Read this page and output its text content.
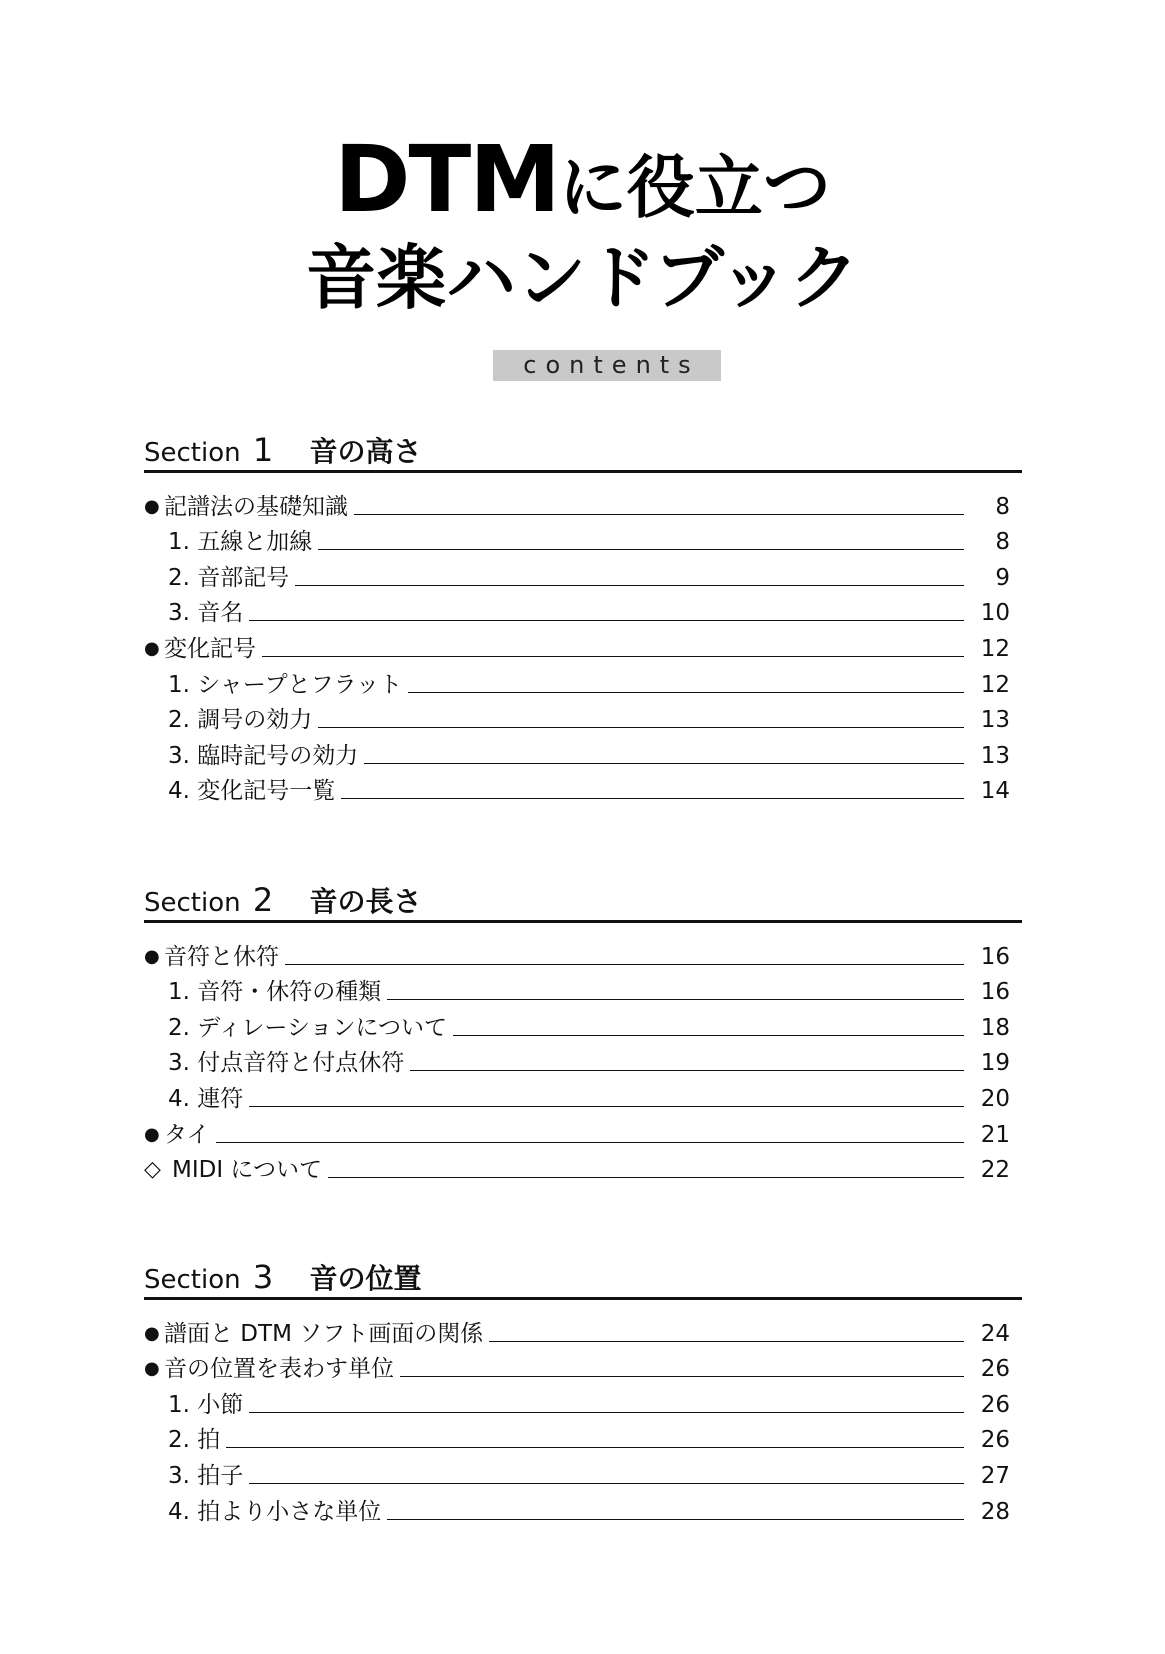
DTMに役立つ
音楽ハンドブック
contents
Section 1 音の高さ
● 記譜法の基礎知識	8
1. 五線と加線	8
2. 音部記号	9
3. 音名	10
● 変化記号	12
1. シャープとフラット	12
2. 調号の効力	13
3. 臨時記号の効力	13
4. 変化記号一覧	14
Section 2 音の長さ
● 音符と休符	16
1. 音符・休符の種類	16
2. ディレーションについて	18
3. 付点音符と付点休符	19
4. 連符	20
● タイ	21
◇ MIDI について	22
Section 3 音の位置
● 譜面と DTM ソフト画面の関係	24
● 音の位置を表わす単位	26
1. 小節	26
2. 拍	26
3. 拍子	27
4. 拍より小さな単位	28
